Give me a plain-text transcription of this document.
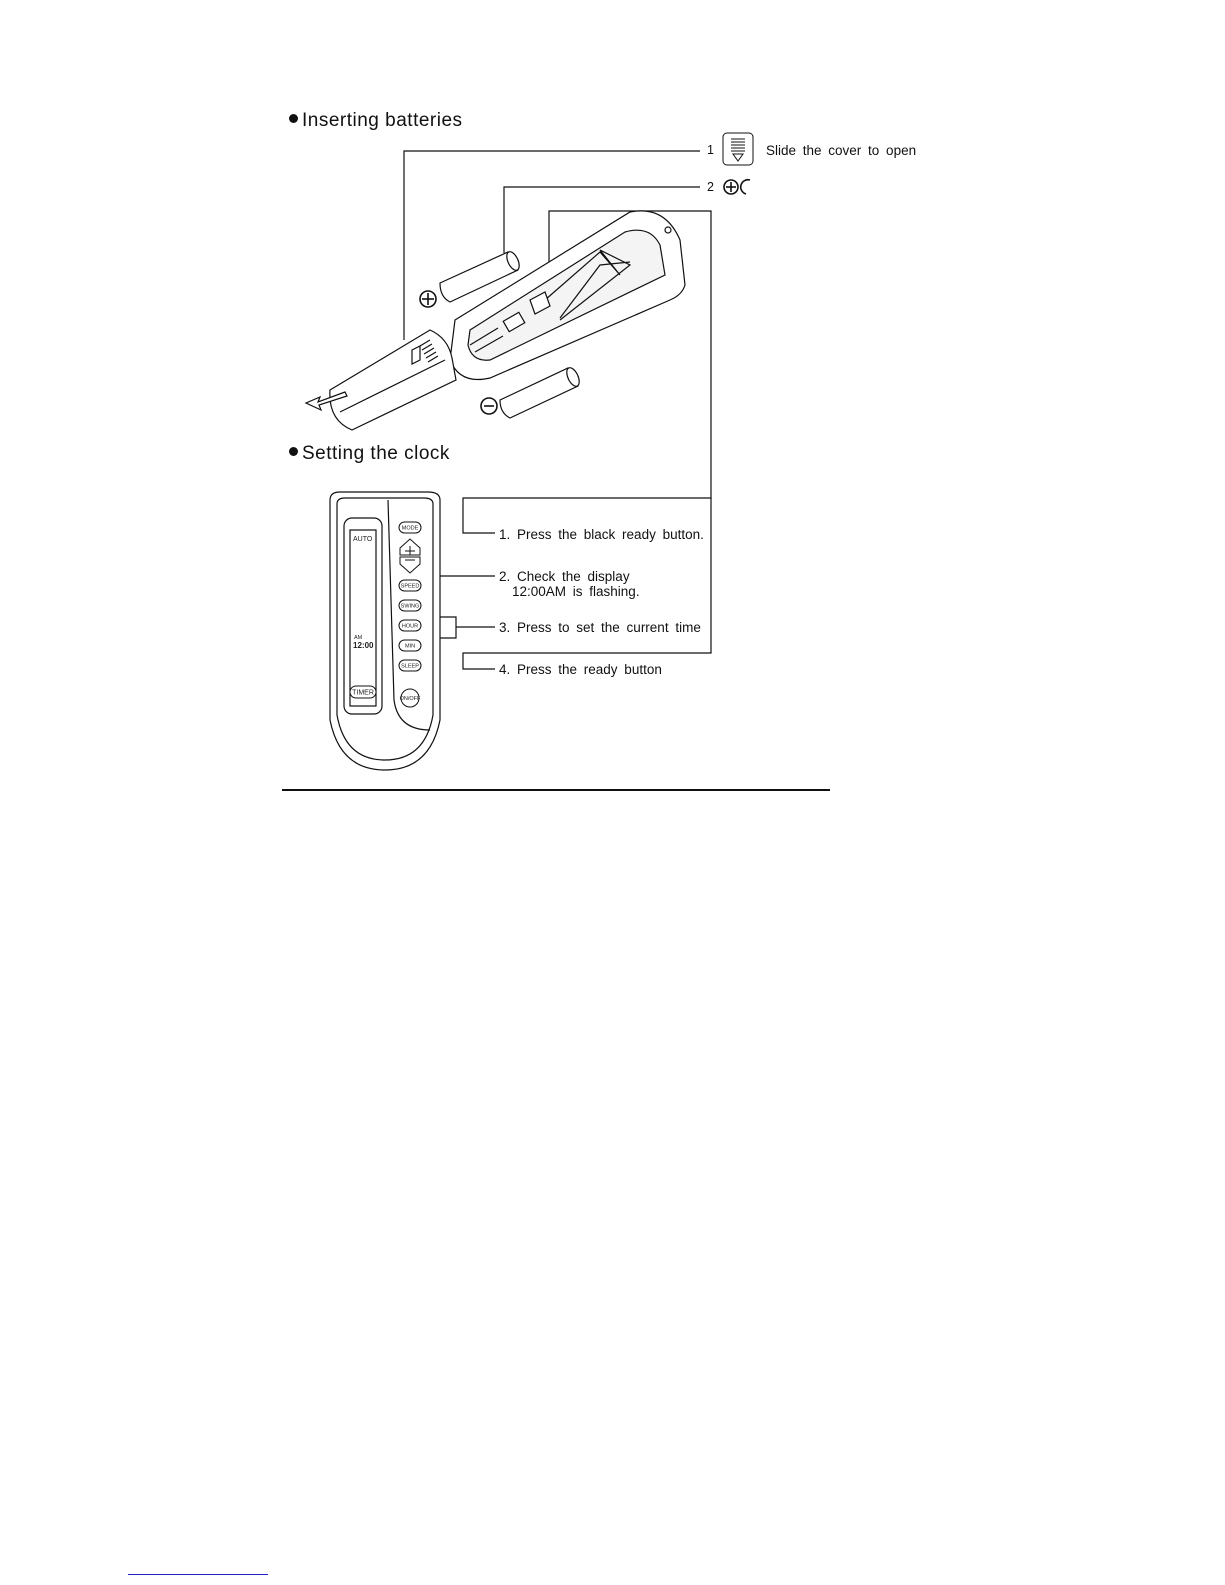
Inserting batteries
Setting the clock
1	Slide the cover to open
2
1. Press the black ready button.
2. Check the display
12:00AM is flashing.
3. Press to set the current time
4. Press the ready button
MODE
SPEED
SWING
HOUR
MIN
SLEEP
ON/OFF
TIMER
AUTO
AM
12:00
